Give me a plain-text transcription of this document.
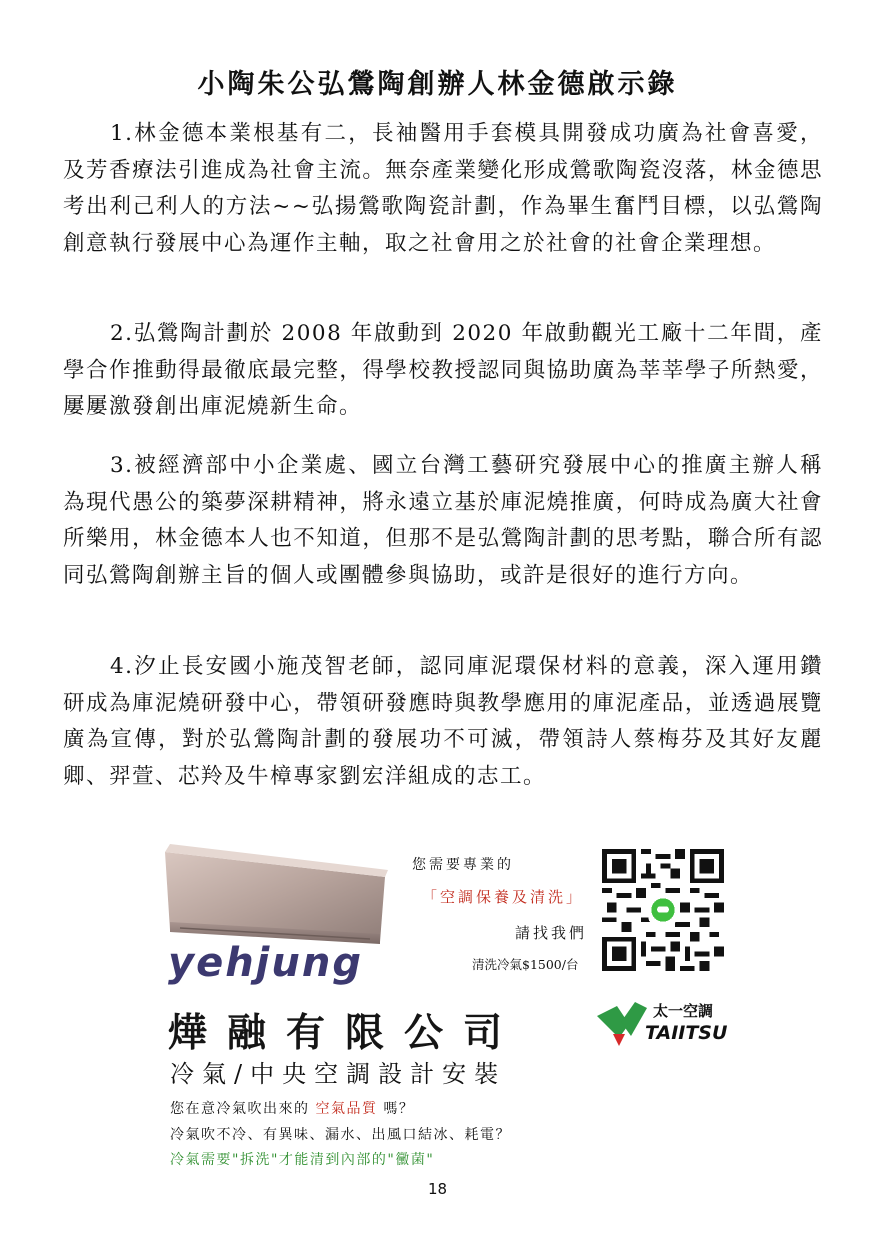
小陶朱公弘鶯陶創辦人林金德啟示錄

1.林金德本業根基有二，長袖醫用手套模具開發成功廣為社會喜愛，及芳香療法引進成為社會主流。無奈產業變化形成鶯歌陶瓷沒落，林金德思考出利己利人的方法~~弘揚鶯歌陶瓷計劃，作為畢生奮鬥目標，以弘鶯陶創意執行發展中心為運作主軸，取之社會用之於社會的社會企業理想。

2.弘鶯陶計劃於 2008 年啟動到 2020 年啟動觀光工廠十二年間，產學合作推動得最徹底最完整，得學校教授認同與協助廣為莘莘學子所熱愛，屢屢激發創出庫泥燒新生命。

3.被經濟部中小企業處、國立台灣工藝研究發展中心的推廣主辦人稱為現代愚公的築夢深耕精神，將永遠立基於庫泥燒推廣，何時成為廣大社會所樂用，林金德本人也不知道，但那不是弘鶯陶計劃的思考點，聯合所有認同弘鶯陶創辦主旨的個人或團體參與協助，或許是很好的進行方向。

4.汐止長安國小施茂智老師，認同庫泥環保材料的意義，深入運用鑽研成為庫泥燒研發中心，帶領研發應時與教學應用的庫泥產品，並透過展覽廣為宣傳，對於弘鶯陶計劃的發展功不可滅，帶領詩人蔡梅芬及其好友麗卿、羿萱、芯羚及牛樟專家劉宏洋組成的志工。

yehjung
您需要專業的
「空調保養及清洗」
請找我們
清洗冷氣$1500/台
燁融有限公司
冷氣/中央空調設計安裝
太一空調
TAIITSU
您在意冷氣吹出來的 空氣品質 嗎？
冷氣吹不冷、有異味、漏水、出風口結冰、耗電？
冷氣需要"拆洗"才能清到內部的"黴菌"
18
